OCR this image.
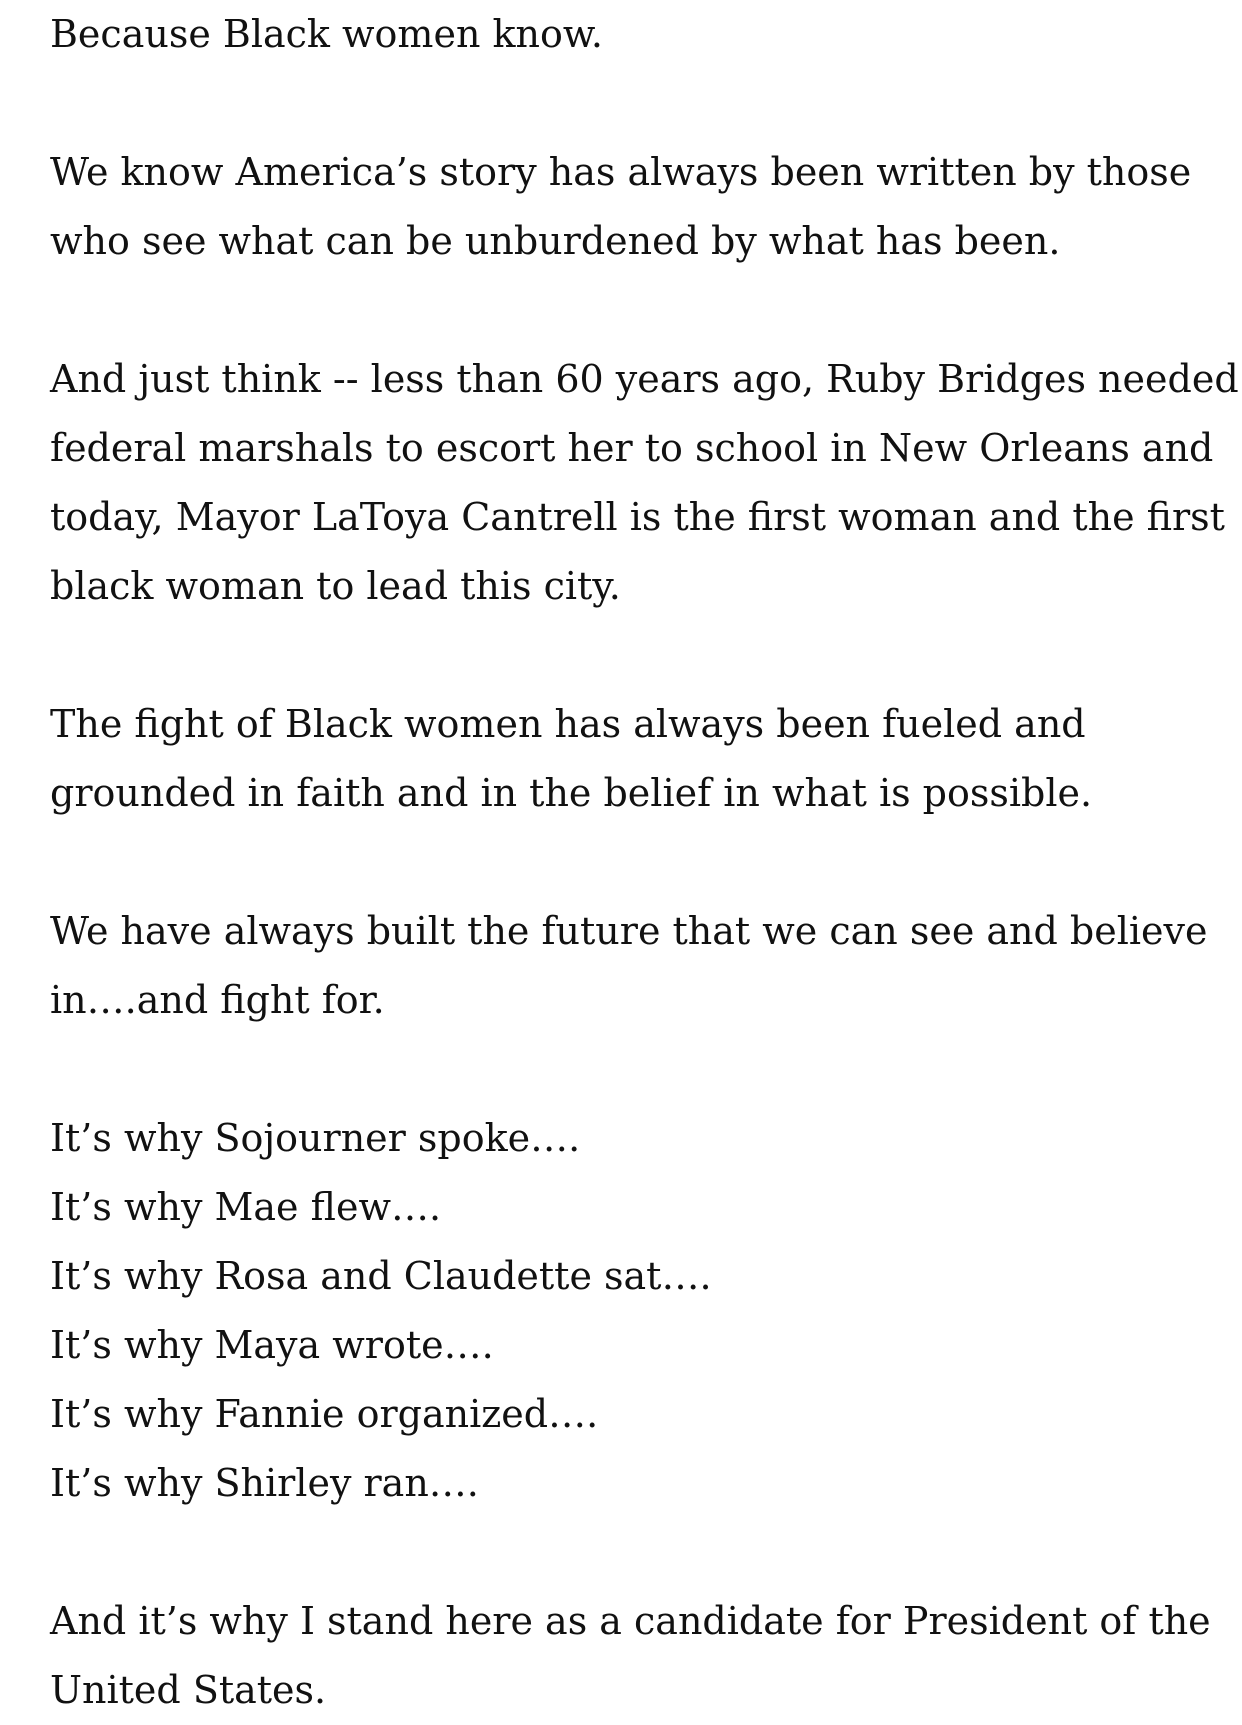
Because Black women know.
We know America’s story has always been written by those
who see what can be unburdened by what has been.
And just think -- less than 60 years ago, Ruby Bridges needed
federal marshals to escort her to school in New Orleans and
today, Mayor LaToya Cantrell is the first woman and the first
black woman to lead this city.
The fight of Black women has always been fueled and
grounded in faith and in the belief in what is possible.
We have always built the future that we can see and believe
in….and fight for.
It’s why Sojourner spoke….
It’s why Mae flew….
It’s why Rosa and Claudette sat….
It’s why Maya wrote….
It’s why Fannie organized….
It’s why Shirley ran….
And it’s why I stand here as a candidate for President of the
United States.
